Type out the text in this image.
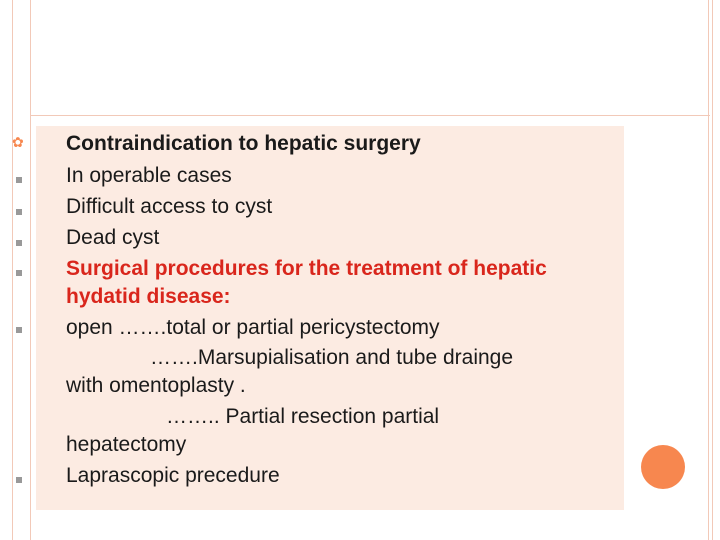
✿ Contraindication to hepatic surgery
In operable cases
Difficult access to cyst
Dead cyst
Surgical procedures for the treatment of hepatic
hydatid disease:
open …….total or partial pericystectomy
…….Marsupialisation and tube drainge
with omentoplasty .
…….. Partial resection partial
hepatectomy
Laprascopic precedure
